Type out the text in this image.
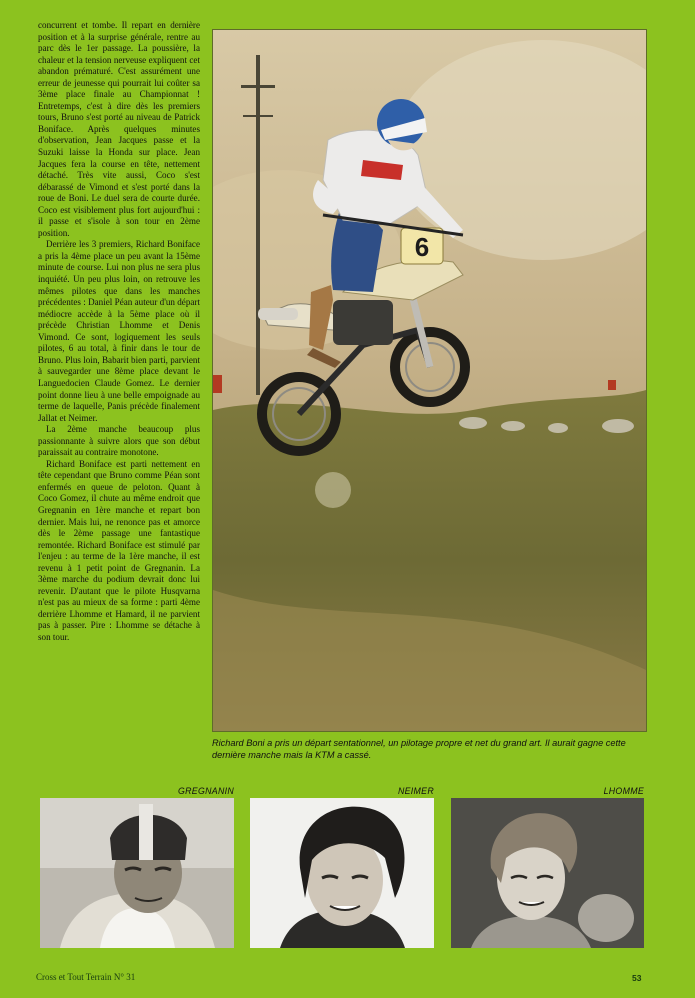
concurrent et tombe. Il repart en dernière position et à la surprise générale, rentre au parc dès le 1er passage. La poussière, la chaleur et la tension nerveuse expliquent cet abandon prématuré. C'est assurément une erreur de jeunesse qui pourrait lui coûter sa 3ème place finale au Championnat ! Entretemps, c'est à dire dès les premiers tours, Bruno s'est porté au niveau de Patrick Boniface. Après quelques minutes d'observation, Jean Jacques passe et la Suzuki laisse la Honda sur place. Jean Jacques fera la course en tête, nettement détaché. Très vite aussi, Coco s'est débarassé de Vimond et s'est porté dans la roue de Boni. Le duel sera de courte durée. Coco est visiblement plus fort aujourd'hui : il passe et s'isole à son tour en 2ème position.

Derrière les 3 premiers, Richard Boniface a pris la 4ème place un peu avant la 15ème minute de course. Lui non plus ne sera plus inquiété. Un peu plus loin, on retrouve les mêmes pilotes que dans les manches précédentes : Daniel Péan auteur d'un départ médiocre accède à la 5ème place où il précède Christian Lhomme et Denis Vimond. Ce sont, logiquement les seuls pilotes, 6 au total, à finir dans le tour de Bruno. Plus loin, Babarit bien parti, parvient à sauvegarder une 8ème place devant le Languedocien Claude Gomez. Le dernier point donne lieu à une belle empoignade au terme de laquelle, Panis précède finalement Jallat et Neimer.

La 2ème manche beaucoup plus passionnante à suivre alors que son début paraissait au contraire monotone.

Richard Boniface est parti nettement en tête cependant que Bruno comme Péan sont enfermés en queue de peloton. Quant à Coco Gomez, il chute au même endroit que Gregnanin en 1ère manche et repart bon dernier. Mais lui, ne renonce pas et amorce dès le 2ème passage une fantastique remontée. Richard Boniface est stimulé par l'enjeu : au terme de la 1ère manche, il est revenu à 1 petit point de Gregnanin. La 3ème marche du podium devrait donc lui revenir. D'autant que le pilote Husqvarna n'est pas au mieux de sa forme : parti 4ème derrière Lhomme et Hamard, il ne parvient pas à passer. Pire : Lhomme se détache à son tour.

6
Richard Boni a pris un départ sentationnel, un pilotage propre et net du grand art. Il aurait gagne cette dernière manche mais la KTM a cassé.
GREGNANIN	NEIMER	LHOMME
Cross et Tout Terrain N° 31	53
